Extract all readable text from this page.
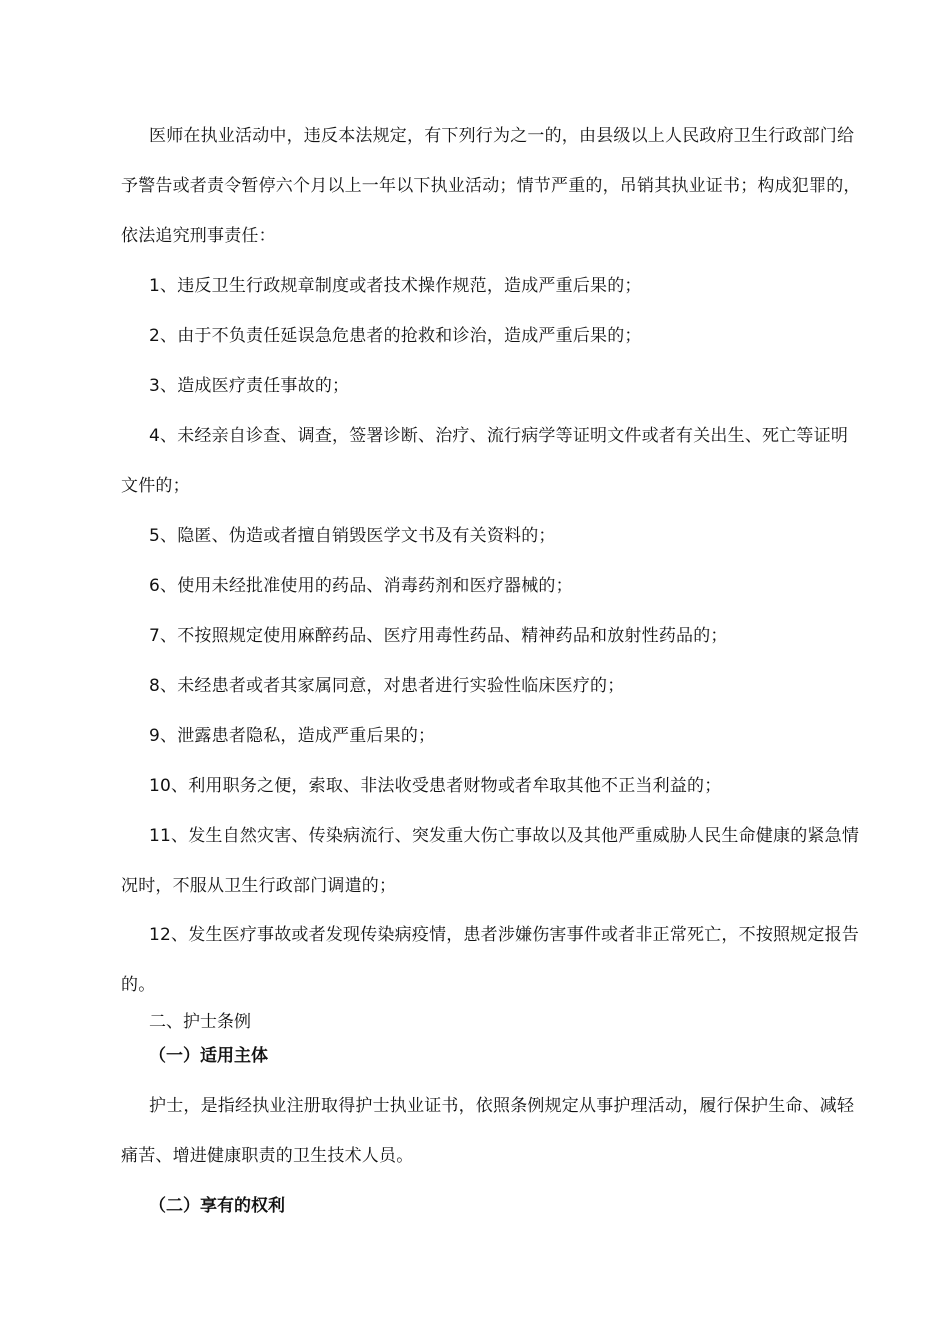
医师在执业活动中，违反本法规定，有下列行为之一的，由县级以上人民政府卫生行政部门给予警告或者责令暂停六个月以上一年以下执业活动；情节严重的，吊销其执业证书；构成犯罪的，依法追究刑事责任：

1、违反卫生行政规章制度或者技术操作规范，造成严重后果的；

2、由于不负责任延误急危患者的抢救和诊治，造成严重后果的；

3、造成医疗责任事故的；

4、未经亲自诊查、调查，签署诊断、治疗、流行病学等证明文件或者有关出生、死亡等证明文件的；

5、隐匿、伪造或者擅自销毁医学文书及有关资料的；

6、使用未经批准使用的药品、消毒药剂和医疗器械的；

7、不按照规定使用麻醉药品、医疗用毒性药品、精神药品和放射性药品的；

8、未经患者或者其家属同意，对患者进行实验性临床医疗的；

9、泄露患者隐私，造成严重后果的；

10、利用职务之便，索取、非法收受患者财物或者牟取其他不正当利益的；

11、发生自然灾害、传染病流行、突发重大伤亡事故以及其他严重威胁人民生命健康的紧急情况时，不服从卫生行政部门调遣的；

12、发生医疗事故或者发现传染病疫情，患者涉嫌伤害事件或者非正常死亡，不按照规定报告的。

二、护士条例

（一）适用主体

护士，是指经执业注册取得护士执业证书，依照条例规定从事护理活动，履行保护生命、减轻痛苦、增进健康职责的卫生技术人员。

（二）享有的权利
